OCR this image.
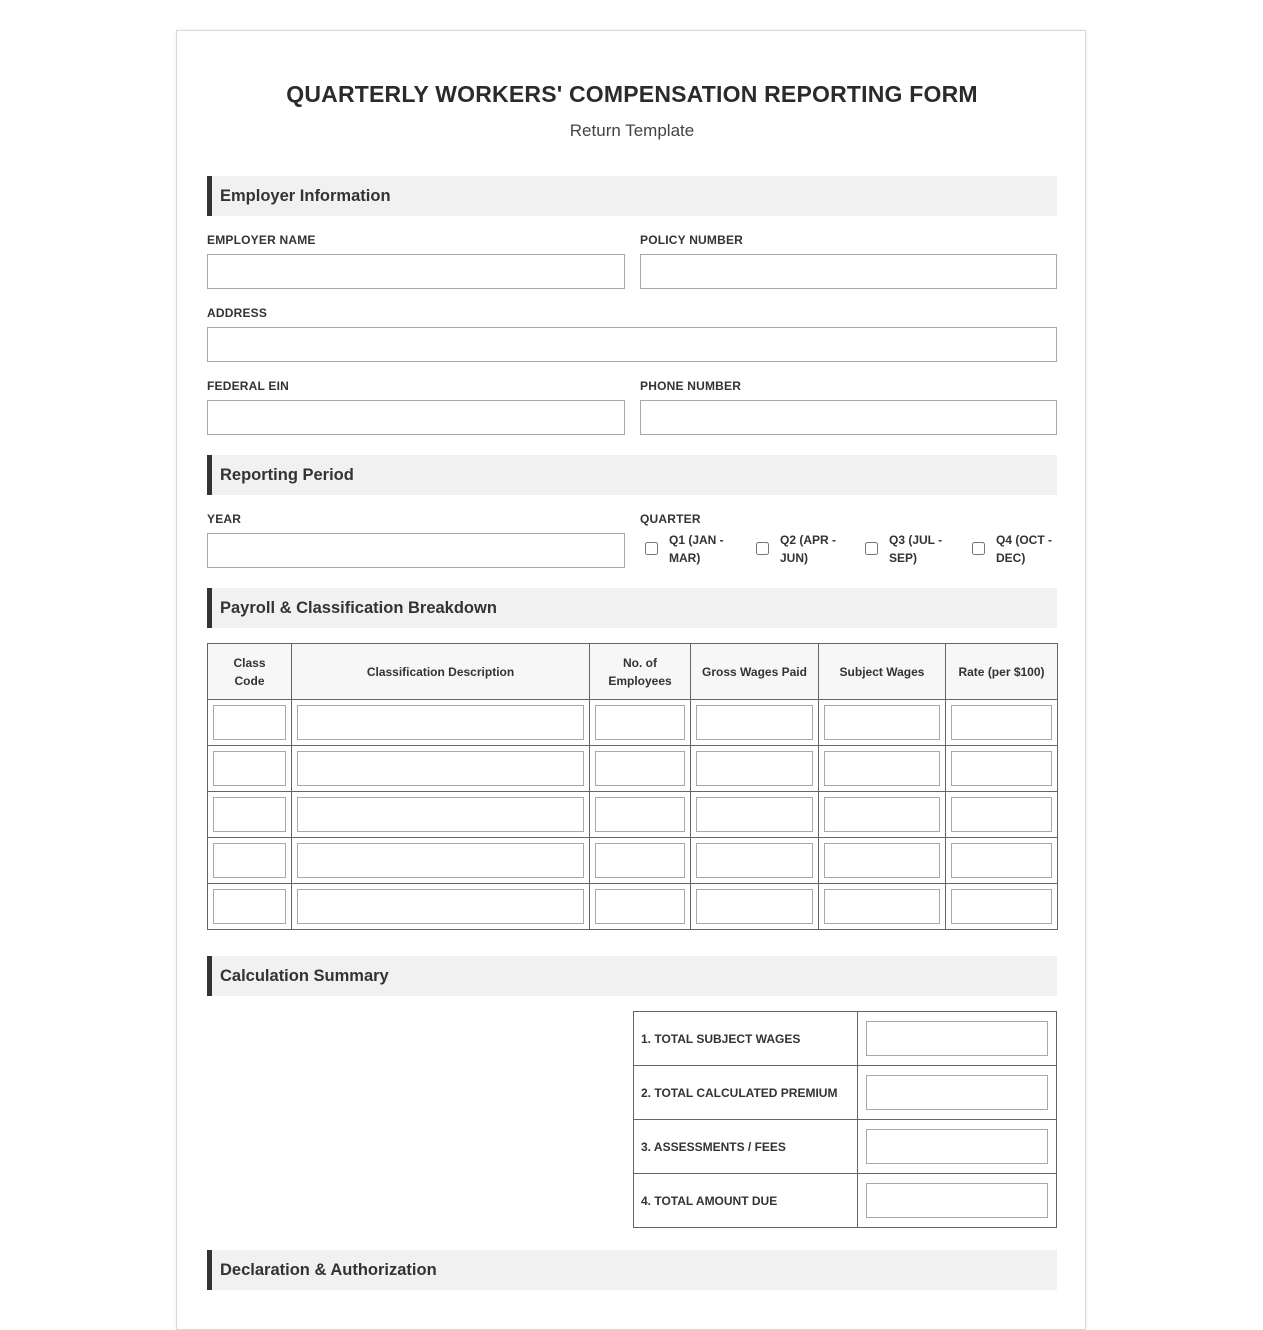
QUARTERLY WORKERS' COMPENSATION REPORTING FORM
Return Template
Employer Information
EMPLOYER NAME	POLICY NUMBER
ADDRESS
FEDERAL EIN	PHONE NUMBER
Reporting Period
YEAR	QUARTER
Q1 (JAN - MAR)
Q2 (APR - JUN)
Q3 (JUL - SEP)
Q4 (OCT - DEC)
Payroll & Classification Breakdown
Class Code	Classification Description	No. of Employees	Gross Wages Paid	Subject Wages	Rate (per $100)

Calculation Summary
1. TOTAL SUBJECT WAGES	

2. TOTAL CALCULATED PREMIUM	

3. ASSESSMENTS / FEES	

4. TOTAL AMOUNT DUE	
Declaration & Authorization
